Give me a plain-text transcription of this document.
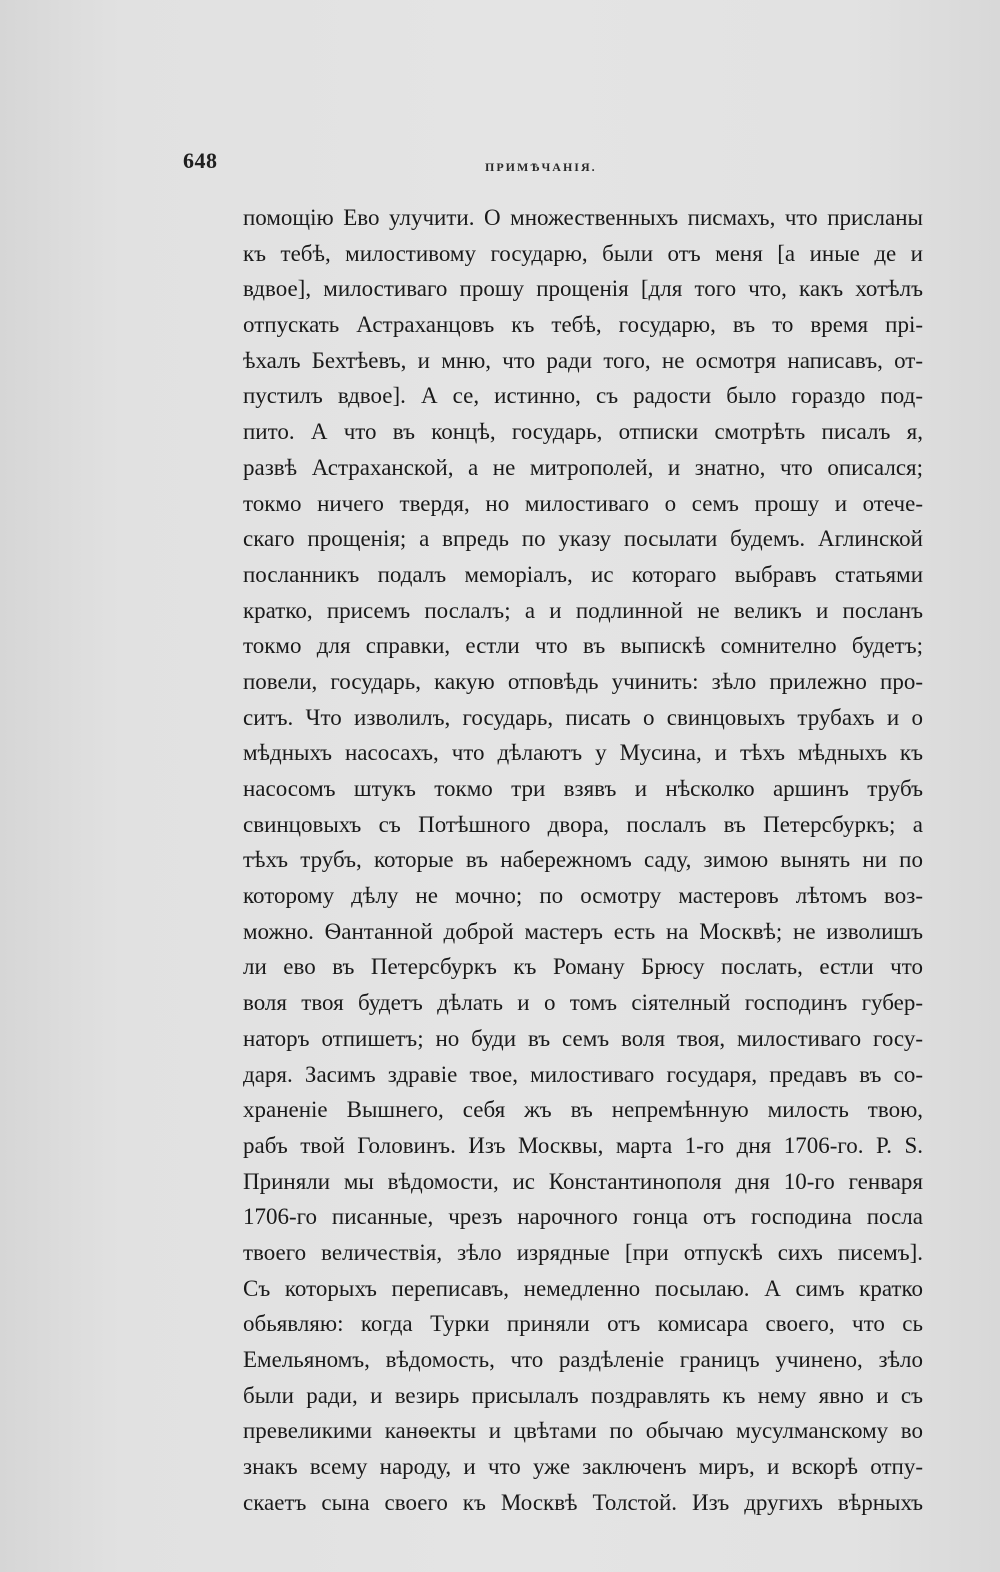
648	ПРИМѢЧАНІЯ.
помощію Ево улучити. О множественныхъ писмахъ, что присланы
къ тебѣ, милостивому государю, были отъ меня [а иные де и
вдвое], милостиваго прошу прощенія [для того что, какъ хотѣлъ
отпускать Астраханцовъ къ тебѣ, государю, въ то время прі-
ѣхалъ Бехтѣевъ, и мню, что ради того, не осмотря написавъ, от-
пустилъ вдвое]. А се, истинно, съ радости было гораздо под-
пито. А что въ концѣ, государь, отписки смотрѣть писалъ я,
развѣ Астраханской, а не митрополей, и знатно, что описался;
токмо ничего твердя, но милостиваго о семъ прошу и отече-
скаго прощенія; а впредь по указу посылати будемъ. Аглинской
посланникъ подалъ меморіалъ, ис котораго выбравъ статьями
кратко, присемъ послалъ; а и подлинной не великъ и посланъ
токмо для справки, естли что въ выпискѣ сомнително будетъ;
повели, государь, какую отповѣдь учинить: зѣло прилежно про-
ситъ. Что изволилъ, государь, писать о свинцовыхъ трубахъ и о
мѣдныхъ насосахъ, что дѣлаютъ у Мусина, и тѣхъ мѣдныхъ къ
насосомъ штукъ токмо три взявъ и нѣсколко аршинъ трубъ
свинцовыхъ съ Потѣшного двора, послалъ въ Петерсбуркъ; а
тѣхъ трубъ, которые въ набережномъ саду, зимою вынять ни по
которому дѣлу не мочно; по осмотру мастеровъ лѣтомъ воз-
можно. Ѳантанной доброй мастеръ есть на Москвѣ; не изволишъ
ли ево въ Петерсбуркъ къ Роману Брюсу послать, естли что
воля твоя будетъ дѣлать и о томъ сіятелный господинъ губер-
наторъ отпишетъ; но буди въ семъ воля твоя, милостиваго госу-
даря. Засимъ здравіе твое, милостиваго государя, предавъ въ со-
храненіе Вышнего, себя жъ въ непремѣнную милость твою,
рабъ твой Головинъ. Изъ Москвы, марта 1-го дня 1706-го. P. S.
Приняли мы вѣдомости, ис Константинополя дня 10-го генваря
1706-го писанные, чрезъ нарочного гонца отъ господина посла
твоего величествія, зѣло изрядные [при отпускѣ сихъ писемъ].
Съ которыхъ переписавъ, немедленно посылаю. А симъ кратко
обьявляю: когда Турки приняли отъ комисара своего, что сь
Емельяномъ, вѣдомость, что раздѣленіе границъ учинено, зѣло
были ради, и везирь присылалъ поздравлять къ нему явно и съ
превеликими канѳекты и цвѣтами по обычаю мусулманскому во
знакъ всему народу, и что уже заключенъ миръ, и вскорѣ отпу-
скаетъ сына своего къ Москвѣ Толстой. Изъ другихъ вѣрныхъ
